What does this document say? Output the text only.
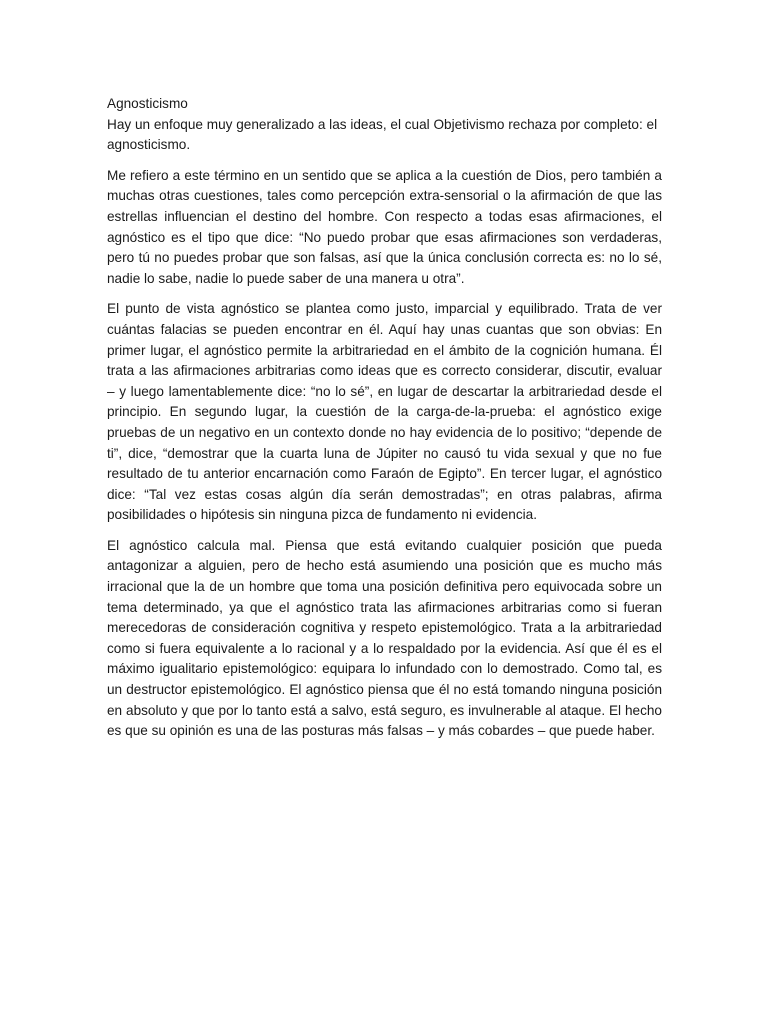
Agnosticismo

Hay un enfoque muy generalizado a las ideas, el cual Objetivismo rechaza por completo: el agnosticismo.

Me refiero a este término en un sentido que se aplica a la cuestión de Dios, pero también a muchas otras cuestiones, tales como percepción extra-sensorial o la afirmación de que las estrellas influencian el destino del hombre. Con respecto a todas esas afirmaciones, el agnóstico es el tipo que dice: “No puedo probar que esas afirmaciones son verdaderas, pero tú no puedes probar que son falsas, así que la única conclusión correcta es: no lo sé, nadie lo sabe, nadie lo puede saber de una manera u otra”.

El punto de vista agnóstico se plantea como justo, imparcial y equilibrado. Trata de ver cuántas falacias se pueden encontrar en él. Aquí hay unas cuantas que son obvias: En primer lugar, el agnóstico permite la arbitrariedad en el ámbito de la cognición humana. Él trata a las afirmaciones arbitrarias como ideas que es correcto considerar, discutir, evaluar – y luego lamentablemente dice: “no lo sé”, en lugar de descartar la arbitrariedad desde el principio. En segundo lugar, la cuestión de la carga-de-la-prueba: el agnóstico exige pruebas de un negativo en un contexto donde no hay evidencia de lo positivo; “depende de ti”, dice, “demostrar que la cuarta luna de Júpiter no causó tu vida sexual y que no fue resultado de tu anterior encarnación como Faraón de Egipto”. En tercer lugar, el agnóstico dice: “Tal vez estas cosas algún día serán demostradas”; en otras palabras, afirma posibilidades o hipótesis sin ninguna pizca de fundamento ni evidencia.

El agnóstico calcula mal. Piensa que está evitando cualquier posición que pueda antagonizar a alguien, pero de hecho está asumiendo una posición que es mucho más irracional que la de un hombre que toma una posición definitiva pero equivocada sobre un tema determinado, ya que el agnóstico trata las afirmaciones arbitrarias como si fueran merecedoras de consideración cognitiva y respeto epistemológico. Trata a la arbitrariedad como si fuera equivalente a lo racional y a lo respaldado por la evidencia. Así que él es el máximo igualitario epistemológico: equipara lo infundado con lo demostrado. Como tal, es un destructor epistemológico. El agnóstico piensa que él no está tomando ninguna posición en absoluto y que por lo tanto está a salvo, está seguro, es invulnerable al ataque. El hecho es que su opinión es una de las posturas más falsas – y más cobardes – que puede haber.
